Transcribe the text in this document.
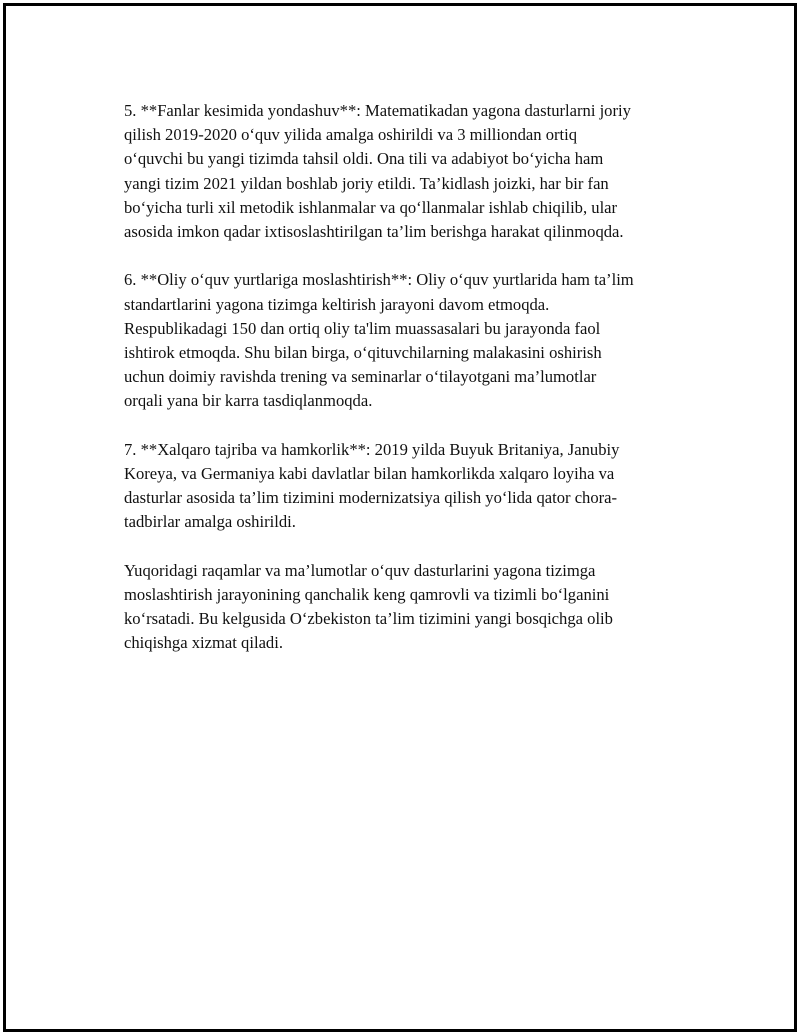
5. **Fanlar kesimida yondashuv**: Matematikadan yagona dasturlarni joriy
qilish 2019-2020 o‘quv yilida amalga oshirildi va 3 milliondan ortiq
o‘quvchi bu yangi tizimda tahsil oldi. Ona tili va adabiyot bo‘yicha ham
yangi tizim 2021 yildan boshlab joriy etildi. Ta’kidlash joizki, har bir fan
bo‘yicha turli xil metodik ishlanmalar va qo‘llanmalar ishlab chiqilib, ular
asosida imkon qadar ixtisoslashtirilgan ta’lim berishga harakat qilinmoqda.

6. **Oliy o‘quv yurtlariga moslashtirish**: Oliy o‘quv yurtlarida ham ta’lim
standartlarini yagona tizimga keltirish jarayoni davom etmoqda.
Respublikadagi 150 dan ortiq oliy ta'lim muassasalari bu jarayonda faol
ishtirok etmoqda. Shu bilan birga, o‘qituvchilarning malakasini oshirish
uchun doimiy ravishda trening va seminarlar o‘tilayotgani ma’lumotlar
orqali yana bir karra tasdiqlanmoqda.

7. **Xalqaro tajriba va hamkorlik**: 2019 yilda Buyuk Britaniya, Janubiy
Koreya, va Germaniya kabi davlatlar bilan hamkorlikda xalqaro loyiha va
dasturlar asosida ta’lim tizimini modernizatsiya qilish yo‘lida qator chora-
tadbirlar amalga oshirildi.

Yuqoridagi raqamlar va ma’lumotlar o‘quv dasturlarini yagona tizimga
moslashtirish jarayonining qanchalik keng qamrovli va tizimli bo‘lganini
ko‘rsatadi. Bu kelgusida O‘zbekiston ta’lim tizimini yangi bosqichga olib
chiqishga xizmat qiladi.
